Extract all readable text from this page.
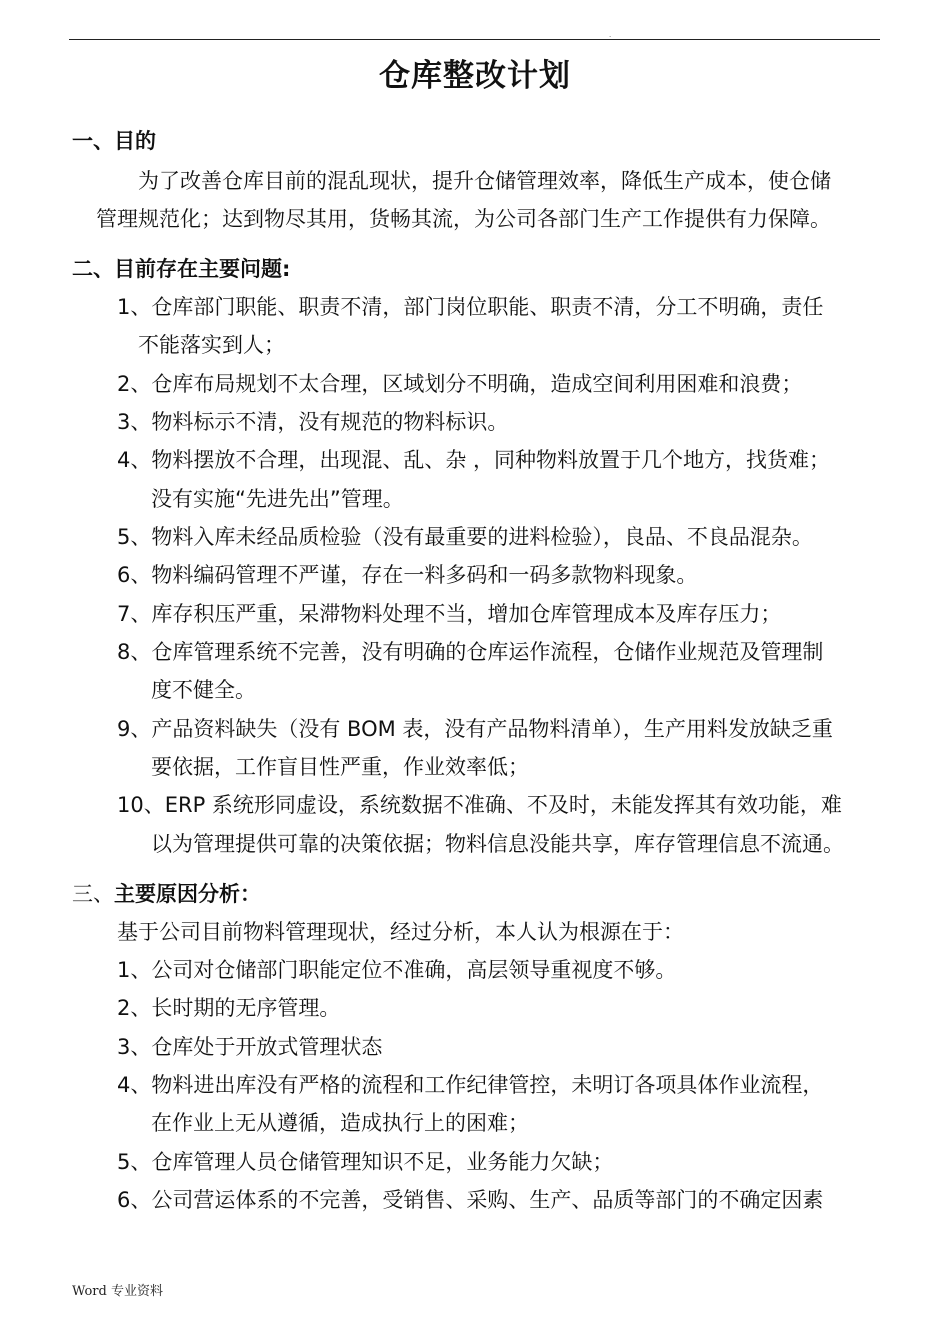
.
仓库整改计划
一、目的
为了改善仓库目前的混乱现状，提升仓储管理效率，降低生产成本，使仓储
管理规范化；达到物尽其用，货畅其流，为公司各部门生产工作提供有力保障。
二、目前存在主要问题:
1、仓库部门职能、职责不清，部门岗位职能、职责不清，分工不明确，责任
不能落实到人；
2、仓库布局规划不太合理，区域划分不明确，造成空间利用困难和浪费；
3、物料标示不清，没有规范的物料标识。
4、物料摆放不合理，出现混、乱、杂 ，同种物料放置于几个地方，找货难；
没有实施“先进先出”管理。
5、物料入库未经品质检验（没有最重要的进料检验），良品、不良品混杂。
6、物料编码管理不严谨，存在一料多码和一码多款物料现象。
7、库存积压严重，呆滞物料处理不当，增加仓库管理成本及库存压力；
8、仓库管理系统不完善，没有明确的仓库运作流程，仓储作业规范及管理制
度不健全。
9、产品资料缺失（没有 BOM 表，没有产品物料清单），生产用料发放缺乏重
要依据，工作盲目性严重，作业效率低；
10、ERP 系统形同虚设，系统数据不准确、不及时，未能发挥其有效功能，难
以为管理提供可靠的决策依据；物料信息没能共享，库存管理信息不流通。
三、主要原因分析：
基于公司目前物料管理现状，经过分析，本人认为根源在于：
1、公司对仓储部门职能定位不准确，高层领导重视度不够。
2、长时期的无序管理。
3、仓库处于开放式管理状态
4、物料进出库没有严格的流程和工作纪律管控，未明订各项具体作业流程，
在作业上无从遵循，造成执行上的困难；
5、仓库管理人员仓储管理知识不足，业务能力欠缺；
6、公司营运体系的不完善，受销售、采购、生产、品质等部门的不确定因素
Word 专业资料
